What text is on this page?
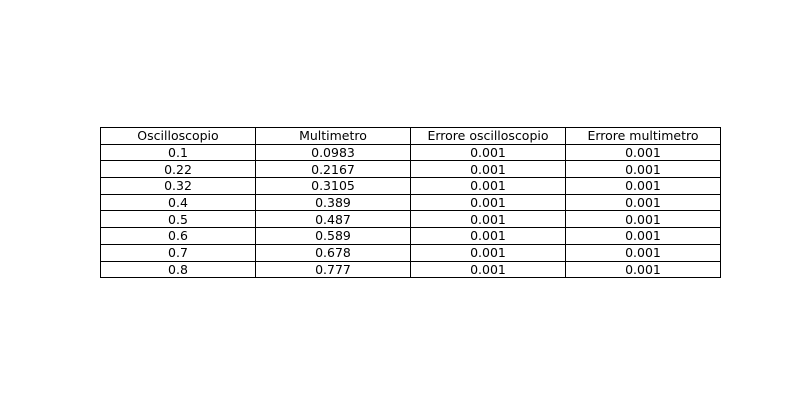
Oscilloscopio	Multimetro	Errore oscilloscopio	Errore multimetro
0.1	0.0983	0.001	0.001
0.22	0.2167	0.001	0.001
0.32	0.3105	0.001	0.001
0.4	0.389	0.001	0.001
0.5	0.487	0.001	0.001
0.6	0.589	0.001	0.001
0.7	0.678	0.001	0.001
0.8	0.777	0.001	0.001
